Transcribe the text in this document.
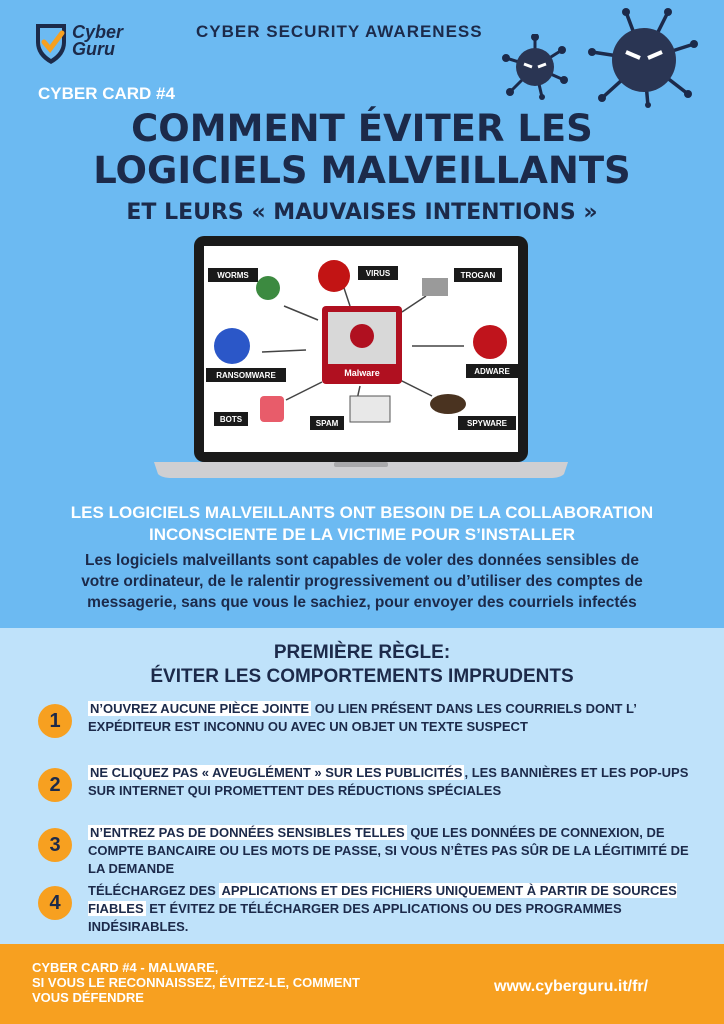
Cyber
Guru
CYBER SECURITY AWARENESS
CYBER CARD #4
COMMENT ÉVITER LES
LOGICIELS MALVEILLANTS
ET LEURS « MAUVAISES INTENTIONS »
Malware
WORMS	VIRUS	TROGAN
RANSOMWARE	ADWARE
BOTS	SPAM	SPYWARE
LES LOGICIELS MALVEILLANTS ONT BESOIN DE LA COLLABORATION
INCONSCIENTE DE LA VICTIME POUR S’INSTALLER
Les logiciels malveillants sont capables de voler des données sensibles de
votre ordinateur, de le ralentir progressivement ou d’utiliser des comptes de
messagerie, sans que vous le sachiez, pour envoyer des courriels infectés
PREMIÈRE RÈGLE:
ÉVITER LES COMPORTEMENTS IMPRUDENTS
1
N’OUVREZ AUCUNE PIÈCE JOINTE OU LIEN PRÉSENT DANS LES COURRIELS DONT L’ EXPÉDITEUR EST INCONNU OU AVEC UN OBJET UN TEXTE SUSPECT
2
NE CLIQUEZ PAS « AVEUGLÉMENT » SUR LES PUBLICITÉS , LES BANNIÈRES ET LES POP-UPS SUR INTERNET QUI PROMETTENT DES RÉDUCTIONS SPÉCIALES
3
N’ENTREZ PAS DE DONNÉES SENSIBLES TELLES QUE LES DONNÉES DE CONNEXION, DE COMPTE BANCAIRE OU LES MOTS DE PASSE, SI VOUS N’ÊTES PAS SÛR DE LA LÉGITIMITÉ DE LA DEMANDE
4
TÉLÉCHARGEZ DES APPLICATIONS ET DES FICHIERS UNIQUEMENT À PARTIR DE SOURCES FIABLES ET ÉVITEZ DE TÉLÉCHARGER DES APPLICATIONS OU DES PROGRAMMES INDÉSIRABLES.
CYBER CARD #4 - MALWARE,
SI VOUS LE RECONNAISSEZ, ÉVITEZ-LE, COMMENT
VOUS DÉFENDRE
www.cyberguru.it/fr/
